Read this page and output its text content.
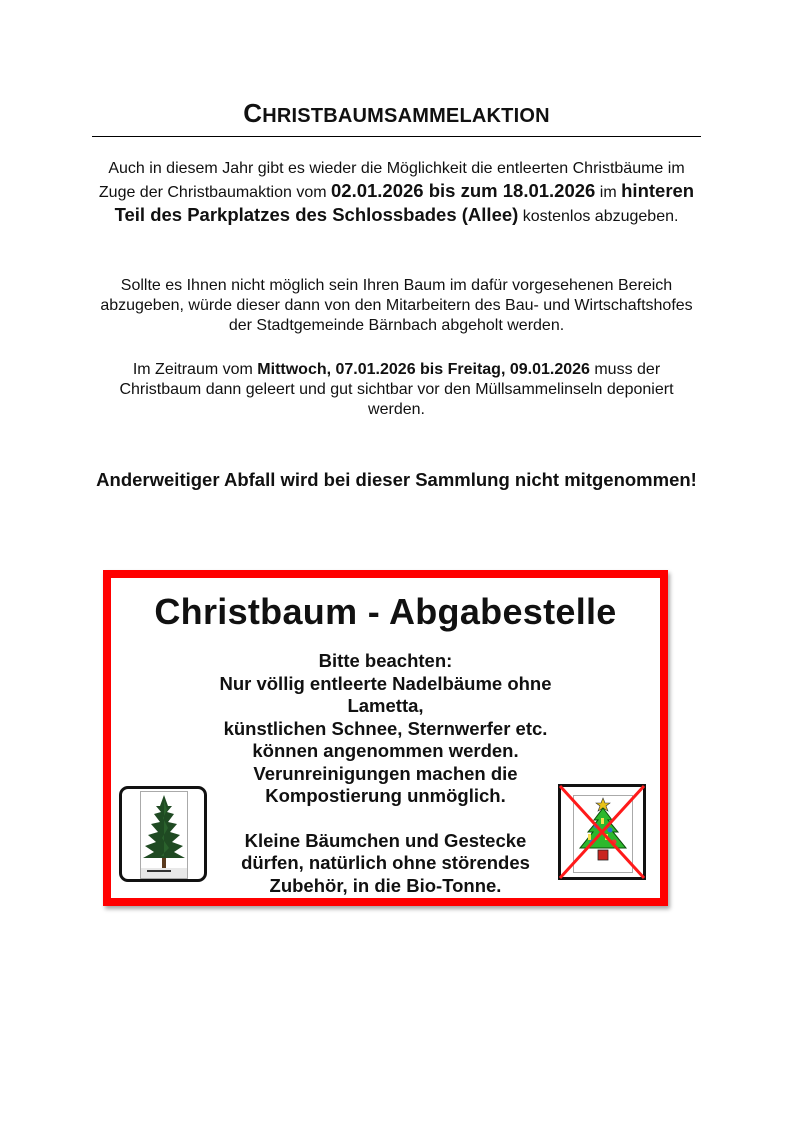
CHRISTBAUMSAMMELAKTION

Auch in diesem Jahr gibt es wieder die Möglichkeit die entleerten Christbäume im Zuge der Christbaumaktion vom 02.01.2026 bis zum 18.01.2026 im hinteren Teil des Parkplatzes des Schlossbades (Allee) kostenlos abzugeben.

Sollte es Ihnen nicht möglich sein Ihren Baum im dafür vorgesehenen Bereich abzugeben, würde dieser dann von den Mitarbeitern des Bau- und Wirtschaftshofes der Stadtgemeinde Bärnbach abgeholt werden.

Im Zeitraum vom Mittwoch, 07.01.2026 bis Freitag, 09.01.2026 muss der Christbaum dann geleert und gut sichtbar vor den Müllsammelinseln deponiert werden.

Anderweitiger Abfall wird bei dieser Sammlung nicht mitgenommen!

Christbaum - Abgabestelle
Bitte beachten:
Nur völlig entleerte Nadelbäume ohne Lametta,
künstlichen Schnee, Sternwerfer etc.
können angenommen werden.
Verunreinigungen machen die
Kompostierung unmöglich.
Kleine Bäumchen und Gestecke
dürfen, natürlich ohne störendes
Zubehör, in die Bio-Tonne.
